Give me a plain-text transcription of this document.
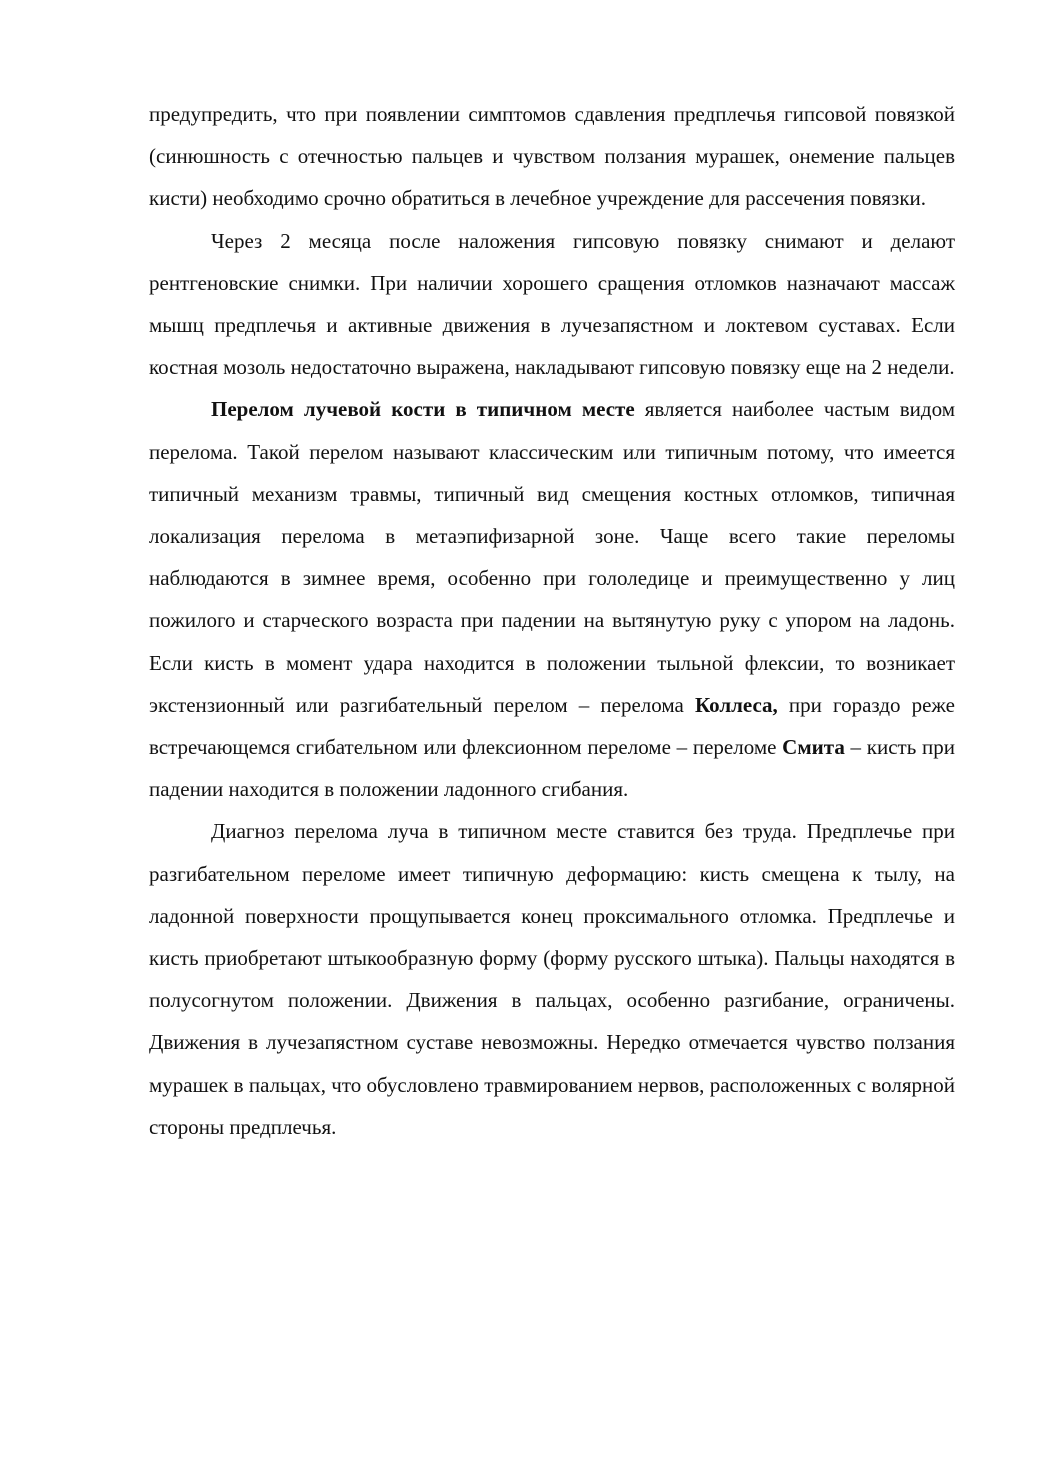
предупредить, что при появлении симптомов сдавления предплечья гипсовой повязкой (синюшность с отечностью пальцев и чувством ползания мурашек, онемение пальцев кисти) необходимо срочно обратиться в лечебное учреждение для рассечения повязки.

Через 2 месяца после наложения гипсовую повязку снимают и делают рентгеновские снимки. При наличии хорошего сращения отломков назначают массаж мышц предплечья и активные движения в лучезапястном и локтевом суставах. Если костная мозоль недостаточно выражена, накладывают гипсовую повязку еще на 2 недели.

Перелом лучевой кости в типичном месте является наиболее частым видом перелома. Такой перелом называют классическим или типичным потому, что имеется типичный механизм травмы, типичный вид смещения костных отломков, типичная локализация перелома в метаэпифизарной зоне. Чаще всего такие переломы наблюдаются в зимнее время, особенно при гололедице и преимущественно у лиц пожилого и старческого возраста при падении на вытянутую руку с упором на ладонь. Если кисть в момент удара находится в положении тыльной флексии, то возникает экстензионный или разгибательный перелом – перелома Коллеса, при гораздо реже встречающемся сгибательном или флексионном переломе – переломе Смита – кисть при падении находится в положении ладонного сгибания.

Диагноз перелома луча в типичном месте ставится без труда. Предплечье при разгибательном переломе имеет типичную деформацию: кисть смещена к тылу, на ладонной поверхности прощупывается конец проксимального отломка. Предплечье и кисть приобретают штыкообразную форму (форму русского штыка). Пальцы находятся в полусогнутом положении. Движения в пальцах, особенно разгибание, ограничены. Движения в лучезапястном суставе невозможны. Нередко отмечается чувство ползания мурашек в пальцах, что обусловлено травмированием нервов, расположенных с волярной стороны предплечья.
